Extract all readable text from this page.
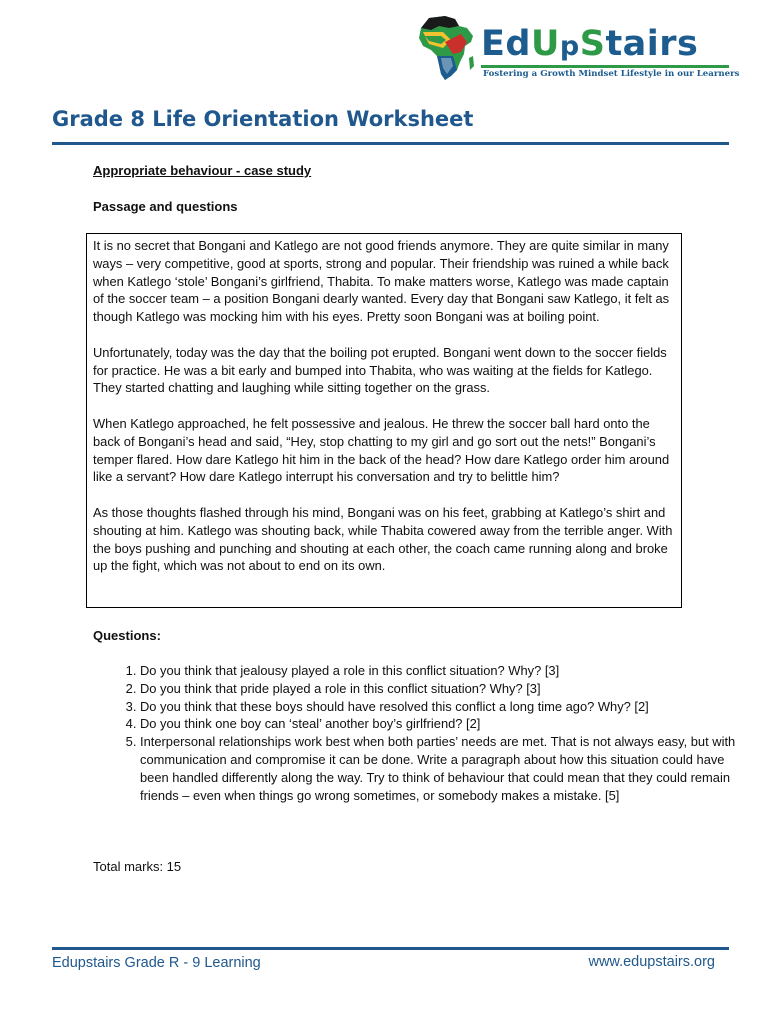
EdUpStairs
Fostering a Growth Mindset Lifestyle in our Learners
Grade 8 Life Orientation Worksheet
Appropriate behaviour - case study
Passage and questions

It is no secret that Bongani and Katlego are not good friends anymore. They are quite similar in many ways – very competitive, good at sports, strong and popular. Their friendship was ruined a while back when Katlego ‘stole’ Bongani’s girlfriend, Thabita. To make matters worse, Katlego was made captain of the soccer team – a position Bongani dearly wanted. Every day that Bongani saw Katlego, it felt as though Katlego was mocking him with his eyes. Pretty soon Bongani was at boiling point.

Unfortunately, today was the day that the boiling pot erupted. Bongani went down to the soccer fields for practice. He was a bit early and bumped into Thabita, who was waiting at the fields for Katlego. They started chatting and laughing while sitting together on the grass.

When Katlego approached, he felt possessive and jealous. He threw the soccer ball hard onto the back of Bongani’s head and said, “Hey, stop chatting to my girl and go sort out the nets!” Bongani’s temper flared. How dare Katlego hit him in the back of the head? How dare Katlego order him around like a servant? How dare Katlego interrupt his conversation and try to belittle him?

As those thoughts flashed through his mind, Bongani was on his feet, grabbing at Katlego’s shirt and shouting at him. Katlego was shouting back, while Thabita cowered away from the terrible anger. With the boys pushing and punching and shouting at each other, the coach came running along and broke up the fight, which was not about to end on its own.

Questions:
1. Do you think that jealousy played a role in this conflict situation? Why? [3]
2. Do you think that pride played a role in this conflict situation? Why? [3]
3. Do you think that these boys should have resolved this conflict a long time ago? Why? [2]
4. Do you think one boy can ‘steal’ another boy’s girlfriend? [2]
5. Interpersonal relationships work best when both parties’ needs are met. That is not always easy, but with communication and compromise it can be done. Write a paragraph about how this situation could have been handled differently along the way. Try to think of behaviour that could mean that they could remain friends – even when things go wrong sometimes, or somebody makes a mistake. [5]
Total marks: 15
Edupstairs Grade R - 9 Learning	www.edupstairs.org
